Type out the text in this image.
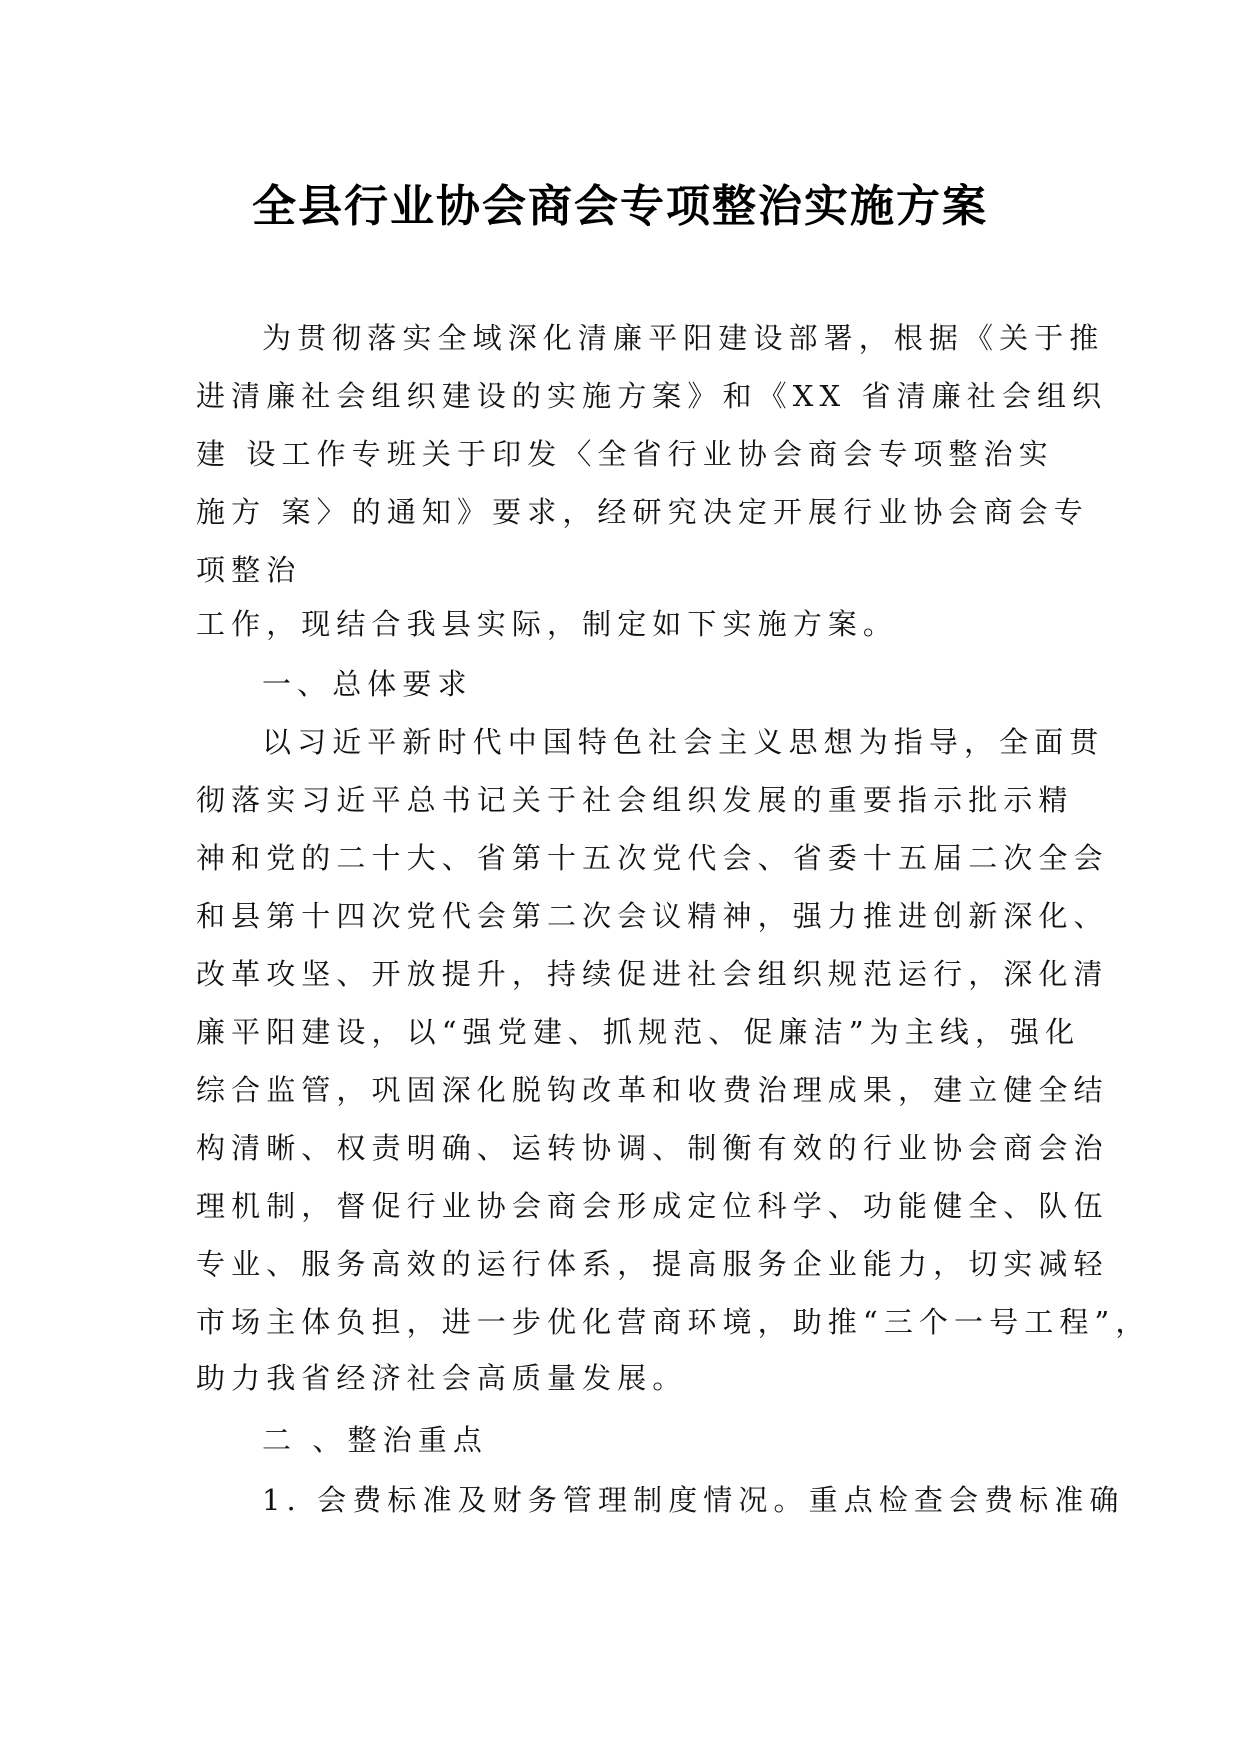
全县行业协会商会专项整治实施方案

为贯彻落实全域深化清廉平阳建设部署，根据《关于推

进清廉社会组织建设的实施方案》和《XX 省清廉社会组织

建 设工作专班关于印发〈全省行业协会商会专项整治实

施方 案〉的通知》要求，经研究决定开展行业协会商会专

项整治

工作，现结合我县实际，制定如下实施方案。

一、总体要求

以习近平新时代中国特色社会主义思想为指导，全面贯

彻落实习近平总书记关于社会组织发展的重要指示批示精

神和党的二十大、省第十五次党代会、省委十五届二次全会

和县第十四次党代会第二次会议精神，强力推进创新深化、

改革攻坚、开放提升，持续促进社会组织规范运行，深化清

廉平阳建设，以“强党建、抓规范、促廉洁”为主线，强化

综合监管，巩固深化脱钩改革和收费治理成果，建立健全结

构清晰、权责明确、运转协调、制衡有效的行业协会商会治

理机制，督促行业协会商会形成定位科学、功能健全、队伍

专业、服务高效的运行体系，提高服务企业能力，切实减轻

市场主体负担，进一步优化营商环境，助推“三个一号工程”，

助力我省经济社会高质量发展。

二 、整治重点

1. 会费标准及财务管理制度情况。重点检查会费标准确
